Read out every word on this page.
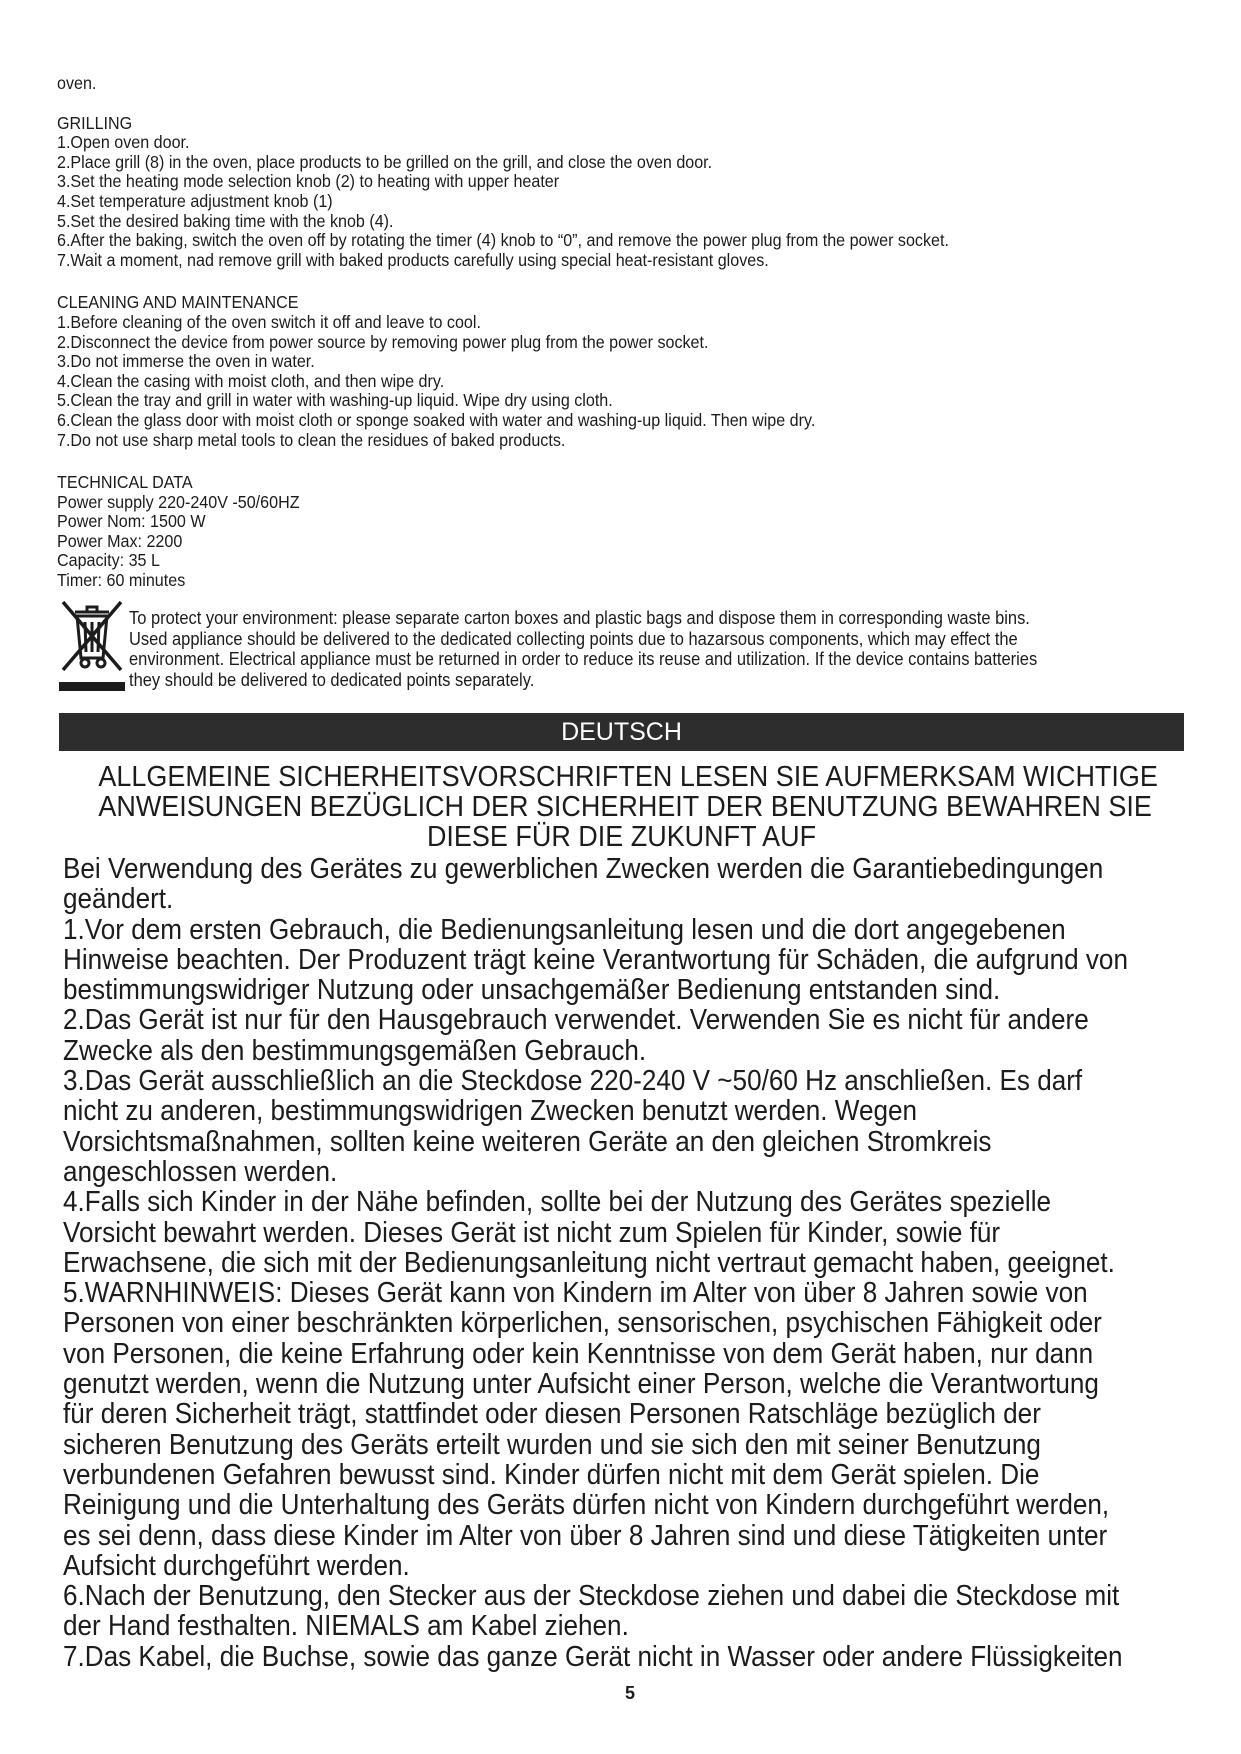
oven.
GRILLING
1.Open oven door.
2.Place grill (8) in the oven, place products to be grilled on the grill, and close the oven door.
3.Set the heating mode selection knob (2) to heating with upper heater
4.Set temperature adjustment knob (1)
5.Set the desired baking time with the knob (4).
6.After the baking, switch the oven off by rotating the timer (4) knob to “0”, and remove the power plug from the power socket.
7.Wait a moment, nad remove grill with baked products carefully using special heat-resistant gloves.
CLEANING AND MAINTENANCE
1.Before cleaning of the oven switch it off and leave to cool.
2.Disconnect the device from power source by removing power plug from the power socket.
3.Do not immerse the oven in water.
4.Clean the casing with moist cloth, and then wipe dry.
5.Clean the tray and grill in water with washing-up liquid. Wipe dry using cloth.
6.Clean the glass door with moist cloth or sponge soaked with water and washing-up liquid. Then wipe dry.
7.Do not use sharp metal tools to clean the residues of baked products.
TECHNICAL DATA
Power supply 220-240V -50/60HZ
Power Nom: 1500 W
Power Max: 2200
Capacity: 35 L
Timer: 60 minutes
To protect your environment: please separate carton boxes and plastic bags and dispose them in corresponding waste bins.
Used appliance should be delivered to the dedicated collecting points due to hazarsous components, which may effect the
environment. Electrical appliance must be returned in order to reduce its reuse and utilization. If the device contains batteries
they should be delivered to dedicated points separately.
DEUTSCH
ALLGEMEINE SICHERHEITSVORSCHRIFTEN LESEN SIE AUFMERKSAM WICHTIGE
ANWEISUNGEN BEZÜGLICH DER SICHERHEIT DER BENUTZUNG BEWAHREN SIE
DIESE FÜR DIE ZUKUNFT AUF
Bei Verwendung des Gerätes zu gewerblichen Zwecken werden die Garantiebedingungen
geändert.
1.Vor dem ersten Gebrauch, die Bedienungsanleitung lesen und die dort angegebenen
Hinweise beachten. Der Produzent trägt keine Verantwortung für Schäden, die aufgrund von
bestimmungswidriger Nutzung oder unsachgemäßer Bedienung entstanden sind.
2.Das Gerät ist nur für den Hausgebrauch verwendet. Verwenden Sie es nicht für andere
Zwecke als den bestimmungsgemäßen Gebrauch.
3.Das Gerät ausschließlich an die Steckdose 220-240 V ~50/60 Hz anschließen. Es darf
nicht zu anderen, bestimmungswidrigen Zwecken benutzt werden. Wegen
Vorsichtsmaßnahmen, sollten keine weiteren Geräte an den gleichen Stromkreis
angeschlossen werden.
4.Falls sich Kinder in der Nähe befinden, sollte bei der Nutzung des Gerätes spezielle
Vorsicht bewahrt werden. Dieses Gerät ist nicht zum Spielen für Kinder, sowie für
Erwachsene, die sich mit der Bedienungsanleitung nicht vertraut gemacht haben, geeignet.
5.WARNHINWEIS: Dieses Gerät kann von Kindern im Alter von über 8 Jahren sowie von
Personen von einer beschränkten körperlichen, sensorischen, psychischen Fähigkeit oder
von Personen, die keine Erfahrung oder kein Kenntnisse von dem Gerät haben, nur dann
genutzt werden, wenn die Nutzung unter Aufsicht einer Person, welche die Verantwortung
für deren Sicherheit trägt, stattfindet oder diesen Personen Ratschläge bezüglich der
sicheren Benutzung des Geräts erteilt wurden und sie sich den mit seiner Benutzung
verbundenen Gefahren bewusst sind. Kinder dürfen nicht mit dem Gerät spielen. Die
Reinigung und die Unterhaltung des Geräts dürfen nicht von Kindern durchgeführt werden,
es sei denn, dass diese Kinder im Alter von über 8 Jahren sind und diese Tätigkeiten unter
Aufsicht durchgeführt werden.
6.Nach der Benutzung, den Stecker aus der Steckdose ziehen und dabei die Steckdose mit
der Hand festhalten. NIEMALS am Kabel ziehen.
7.Das Kabel, die Buchse, sowie das ganze Gerät nicht in Wasser oder andere Flüssigkeiten
5
